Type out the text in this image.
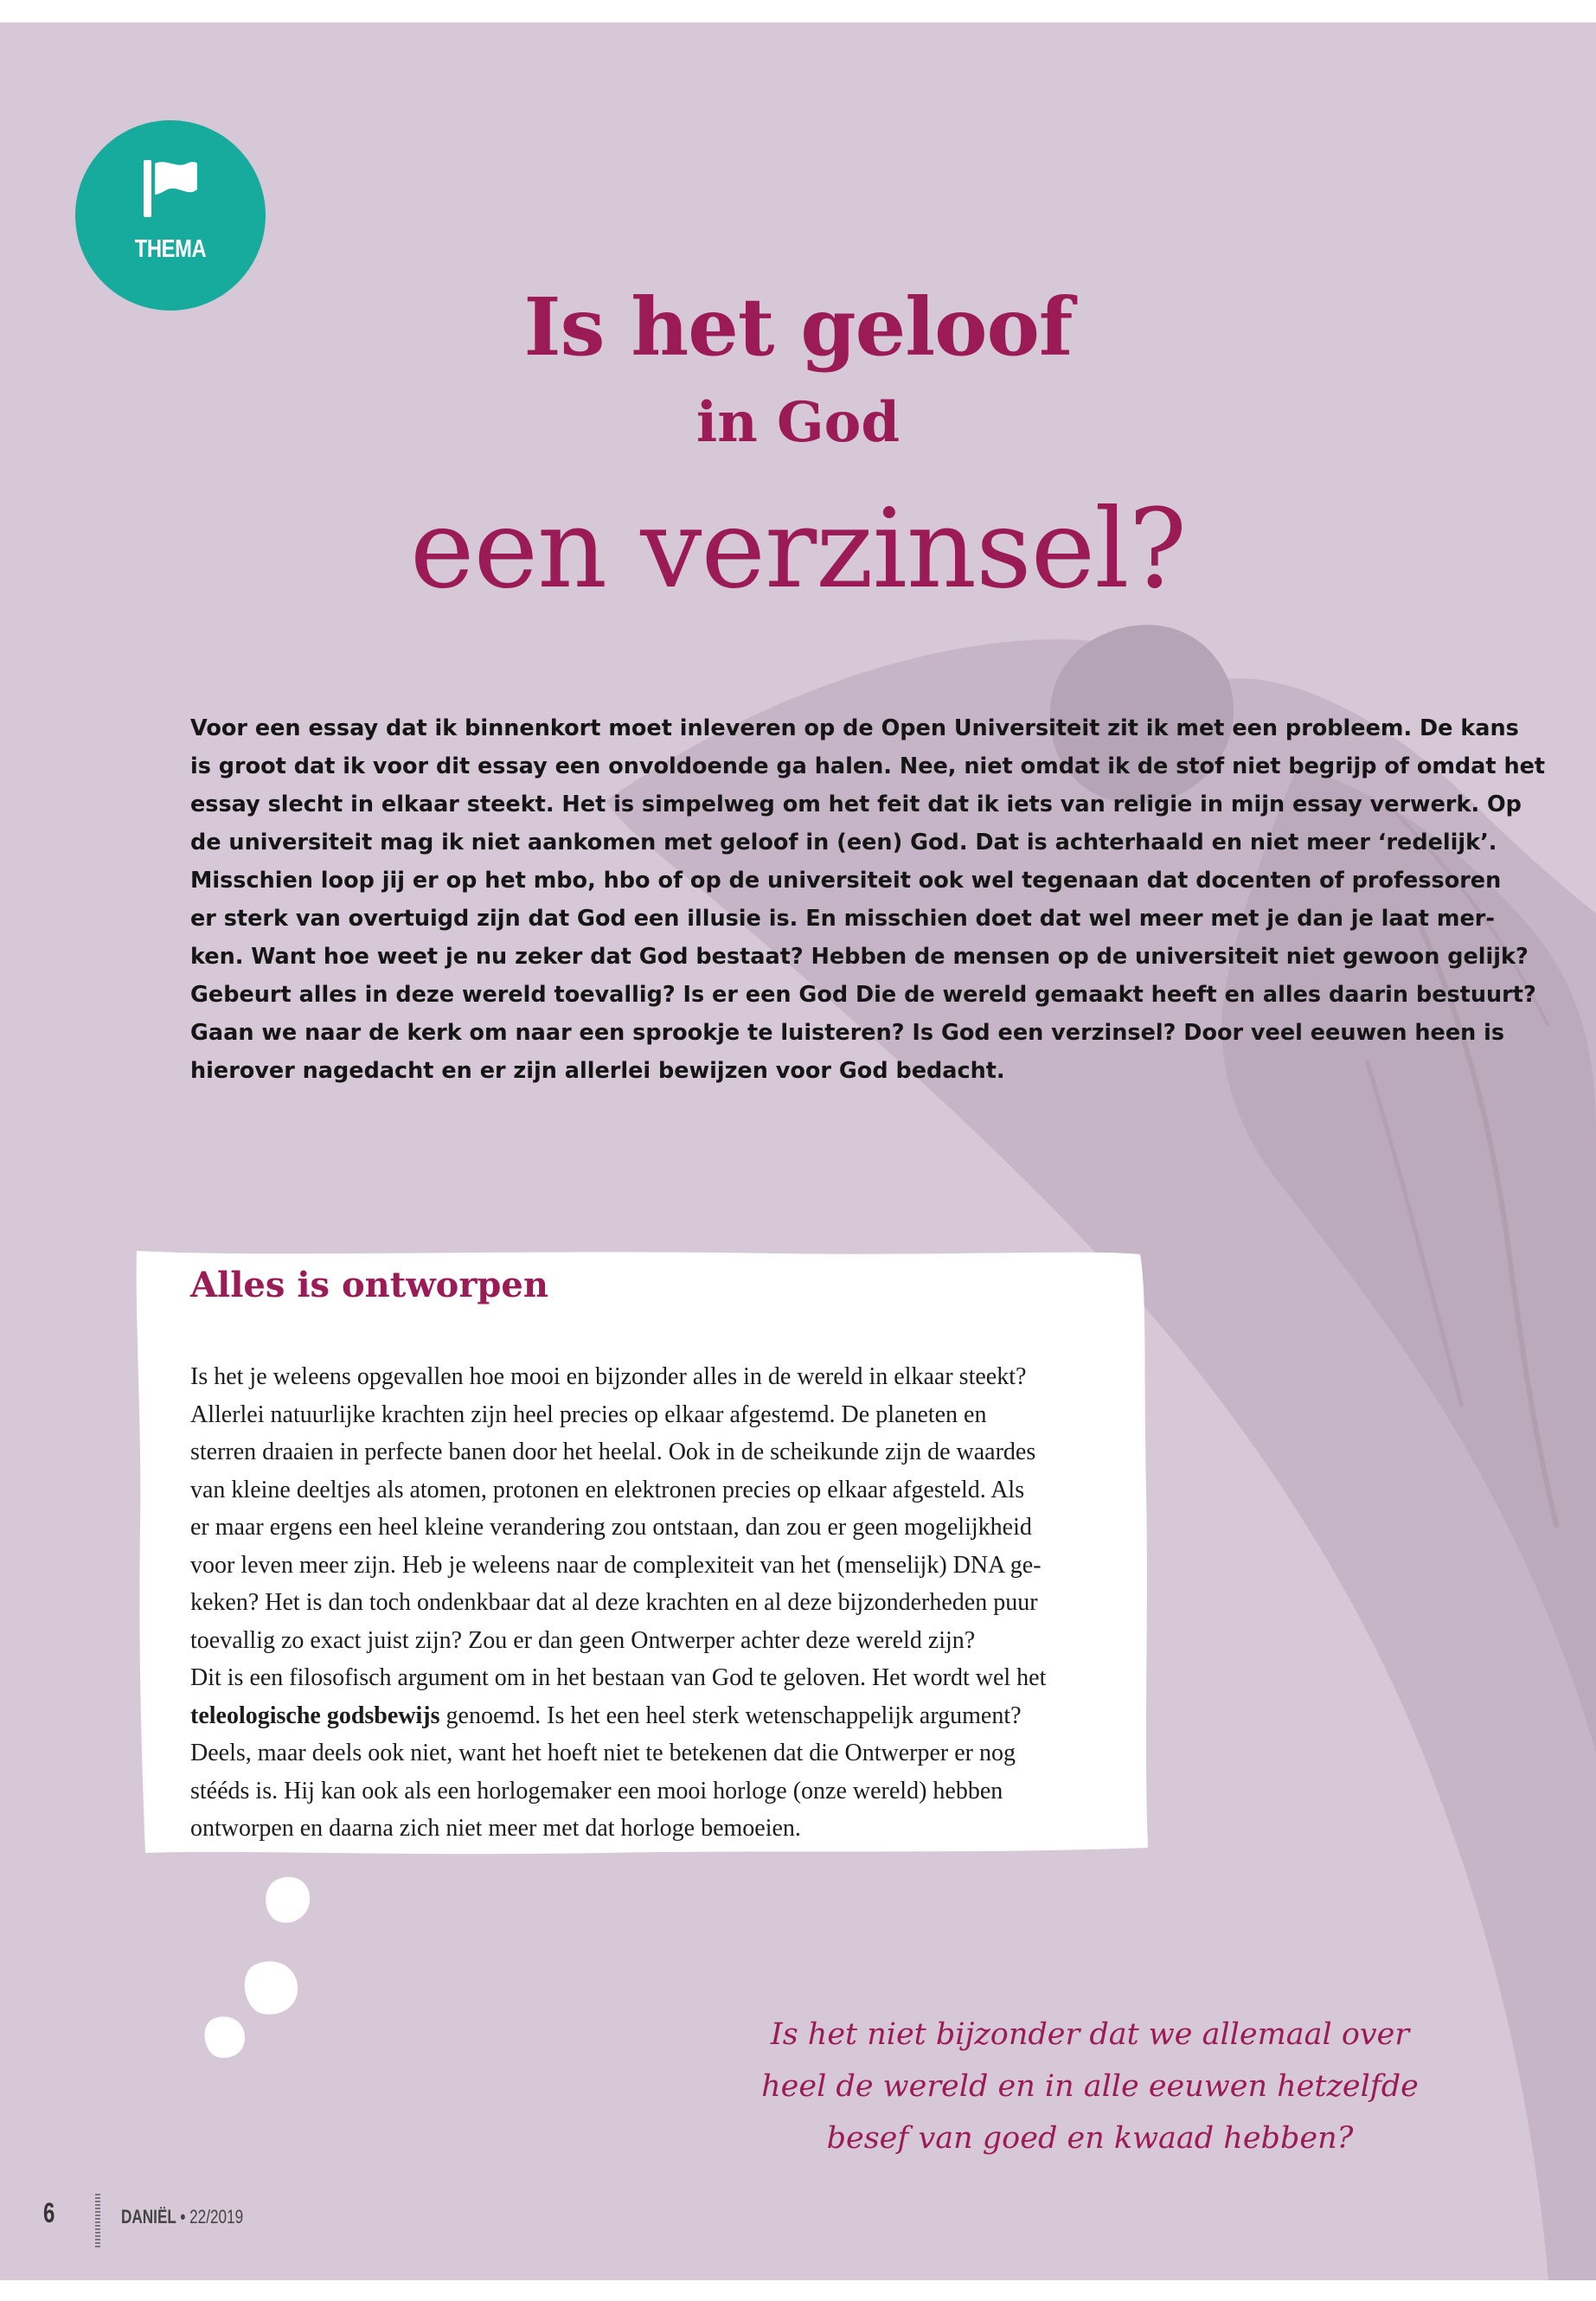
THEMA
Is het geloof
in God
een verzinsel?

Voor een essay dat ik binnenkort moet inleveren op de Open Universiteit zit ik met een probleem. De kans
is groot dat ik voor dit essay een onvoldoende ga halen. Nee, niet omdat ik de stof niet begrijp of omdat het
essay slecht in elkaar steekt. Het is simpelweg om het feit dat ik iets van religie in mijn essay verwerk. Op
de universiteit mag ik niet aankomen met geloof in (een) God. Dat is achterhaald en niet meer ‘redelijk’.
Misschien loop jij er op het mbo, hbo of op de universiteit ook wel tegenaan dat docenten of professoren
er sterk van overtuigd zijn dat God een illusie is. En misschien doet dat wel meer met je dan je laat mer-
ken. Want hoe weet je nu zeker dat God bestaat? Hebben de mensen op de universiteit niet gewoon gelijk?
Gebeurt alles in deze wereld toevallig? Is er een God Die de wereld gemaakt heeft en alles daarin bestuurt?
Gaan we naar de kerk om naar een sprookje te luisteren? Is God een verzinsel? Door veel eeuwen heen is
hierover nagedacht en er zijn allerlei bewijzen voor God bedacht.

Alles is ontworpen

Is het je weleens opgevallen hoe mooi en bijzonder alles in de wereld in elkaar steekt?
Allerlei natuurlijke krachten zijn heel precies op elkaar afgestemd. De planeten en
sterren draaien in perfecte banen door het heelal. Ook in de scheikunde zijn de waardes
van kleine deeltjes als atomen, protonen en elektronen precies op elkaar afgesteld. Als
er maar ergens een heel kleine verandering zou ontstaan, dan zou er geen mogelijkheid
voor leven meer zijn. Heb je weleens naar de complexiteit van het (menselijk) DNA ge-
keken? Het is dan toch ondenkbaar dat al deze krachten en al deze bijzonderheden puur
toevallig zo exact juist zijn? Zou er dan geen Ontwerper achter deze wereld zijn?
Dit is een filosofisch argument om in het bestaan van God te geloven. Het wordt wel het
teleologische godsbewijs genoemd. Is het een heel sterk wetenschappelijk argument?
Deels, maar deels ook niet, want het hoeft niet te betekenen dat die Ontwerper er nog
stééds is. Hij kan ook als een horlogemaker een mooi horloge (onze wereld) hebben
ontworpen en daarna zich niet meer met dat horloge bemoeien.

Is het niet bijzonder dat we allemaal over
heel de wereld en in alle eeuwen hetzelfde
besef van goed en kwaad hebben?

6	DANIËL • 22/2019
